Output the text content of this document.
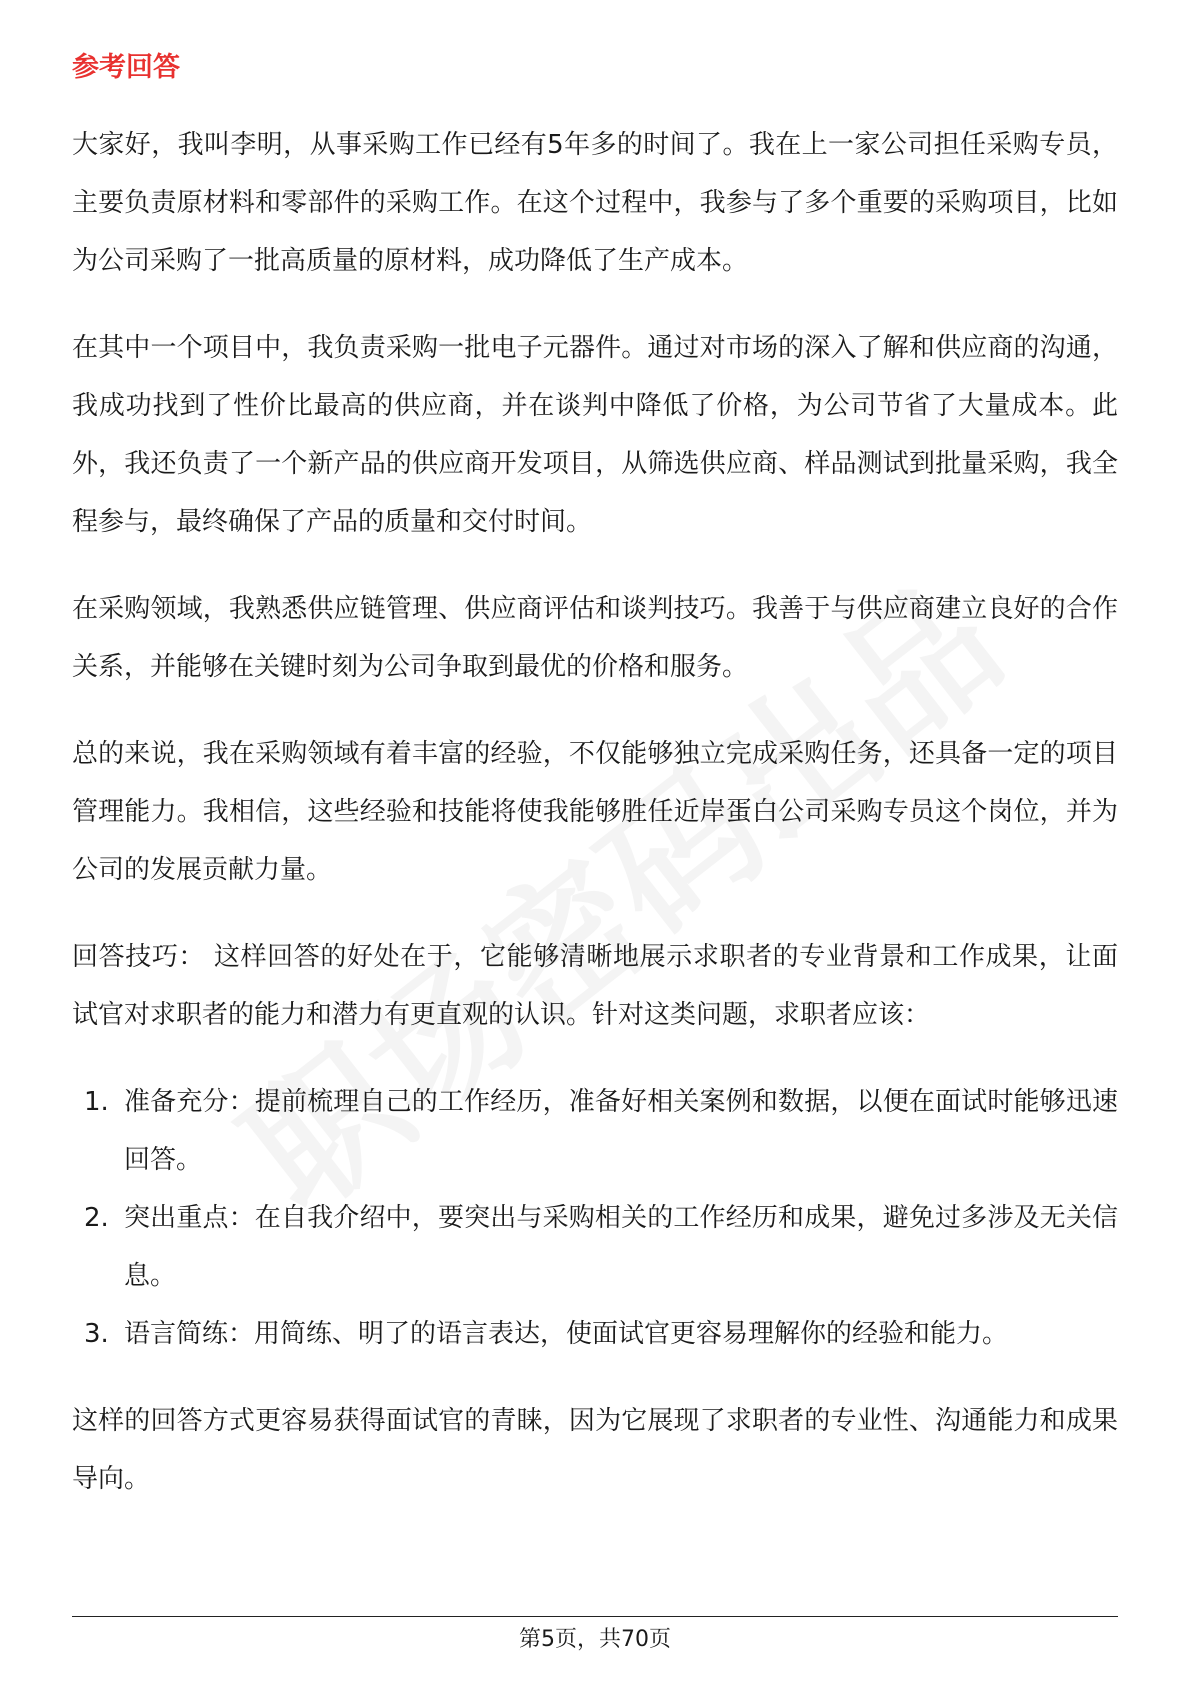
参考回答

大家好，我叫李明，从事采购工作已经有5年多的时间了。我在上一家公司担任采购专员，主要负责原材料和零部件的采购工作。在这个过程中，我参与了多个重要的采购项目，比如为公司采购了一批高质量的原材料，成功降低了生产成本。

在其中一个项目中，我负责采购一批电子元器件。通过对市场的深入了解和供应商的沟通，我成功找到了性价比最高的供应商，并在谈判中降低了价格，为公司节省了大量成本。此外，我还负责了一个新产品的供应商开发项目，从筛选供应商、样品测试到批量采购，我全程参与，最终确保了产品的质量和交付时间。

在采购领域，我熟悉供应链管理、供应商评估和谈判技巧。我善于与供应商建立良好的合作关系，并能够在关键时刻为公司争取到最优的价格和服务。

总的来说，我在采购领域有着丰富的经验，不仅能够独立完成采购任务，还具备一定的项目管理能力。我相信，这些经验和技能将使我能够胜任近岸蛋白公司采购专员这个岗位，并为公司的发展贡献力量。

回答技巧： 这样回答的好处在于，它能够清晰地展示求职者的专业背景和工作成果，让面试官对求职者的能力和潜力有更直观的认识。针对这类问题，求职者应该：

1. 准备充分：提前梳理自己的工作经历，准备好相关案例和数据，以便在面试时能够迅速回答。
2. 突出重点：在自我介绍中，要突出与采购相关的工作经历和成果，避免过多涉及无关信息。
3. 语言简练：用简练、明了的语言表达，使面试官更容易理解你的经验和能力。

这样的回答方式更容易获得面试官的青睐，因为它展现了求职者的专业性、沟通能力和成果导向。

第5页，共70页
